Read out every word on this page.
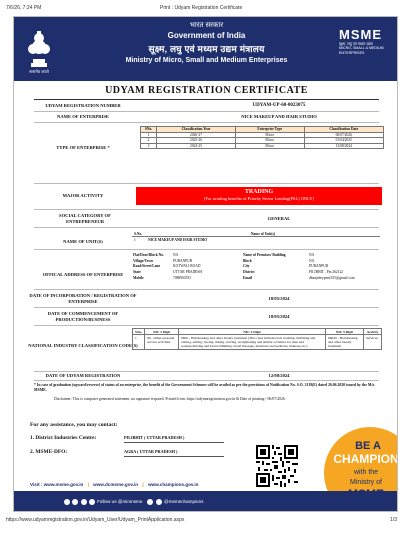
7/6/26, 7:24 PM	Print : Udyam Registration Certificate
सत्यमेव जयते
भारत सरकार
Government of India
सूक्ष्म, लघु एवं मध्यम उद्यम मंत्रालय
Ministry of Micro, Small and Medium Enterprises
MSME
सूक्ष्म, लघु एवं मध्यम उद्यम
MICRO, SMALL & MEDIUM ENTERPRISES
UDYAM REGISTRATION CERTIFICATE
UDYAM REGISTRATION NUMBER	UDYAM-UP-60-0023075
NAME OF ENTERPRISE	NICE MAKEUP AND HAIR STUDIO
TYPE OF ENTERPRISE *
SNo.	Classification Year	Enterprise Type	Classification Date
1	2026-27	Micro	06/07/2026
2	2025-26	Micro	01/04/2025
3	2024-25	Micro	12/08/2024
MAJOR ACTIVITY
TRADING
[For availing benefits of Priority Sector Lending(PSL) ONLY]
SOCIAL CATEGORY OF ENTREPRENEUR
GENERAL
NAME OF UNIT(S)
S.No.	Name of Unit(s)
1	NICE MAKEUP AND HAIR STUDIO
OFFICAL ADDRESS OF ENTERPRISE
Flat/Door/Block No.	NA	Name of Premises/ Building	NA
Village/Town	PURANPUR	Block	NA
Road/Street/Lane	KOTWALI ROAD	City	PURANPUR
State	UTTAR PRADESH	District	PILIBHIT , Pin 262122
Mobile	7088903553	Email	dbanjabeyperrt555@gmail.com
DATE OF INCORPORATION / REGISTRATION OF ENTERPRISE
18/05/2024
DATE OF COMMENCEMENT OF PRODUCTION/BUSINESS
18/05/2024
NATIONAL INDUSTRY CLASSIFICATION CODE(S)
SNo.	NIC 2 Digit	NIC 4 Digit	NIC 5 Digit	Activity
1	96 - Other personal service activities	9602 - Hairdressing and other beauty treatment (This class includes hair washing, trimming and cutting, setting, dyeing, tinting, waving, straightening and similar activities for men and women,shaving and beard trimming, facial massage, manicure and pedicure, makeup etc.)	96020 - Hairdressing and other beauty treatment	Services
DATE OF UDYAM REGISTRATION	12/08/2024
* In case of graduation (upward/reverse) of status of an enterprise, the benefit of the Government Schemes will be availed as per the provisions of Notification No. S.O. 2119(E) dated 26.06.2020 issued by the M/o MSME.
Disclaimer: This is computer generated statement, no signature required. Printed from: https://udyamregistration.gov.in & Date of printing:- 06/07/2026
For any assistance, you may contact:
1. District Industries Centre:	PILIBHIT ( UTTAR PRADESH )
2. MSME-DFO:	AGRA ( UTTAR PRADESH )	BE A
CHAMPION
with the
Ministry of
Visit : www.msme.gov.in | www.dcmsme.gov.in | www.champions.gov.in
Follow us @minmsme	@msmechampions
https://www.udyamregistration.gov.in/Udyam_User/Udyam_PrintApplication.aspx	1/3
